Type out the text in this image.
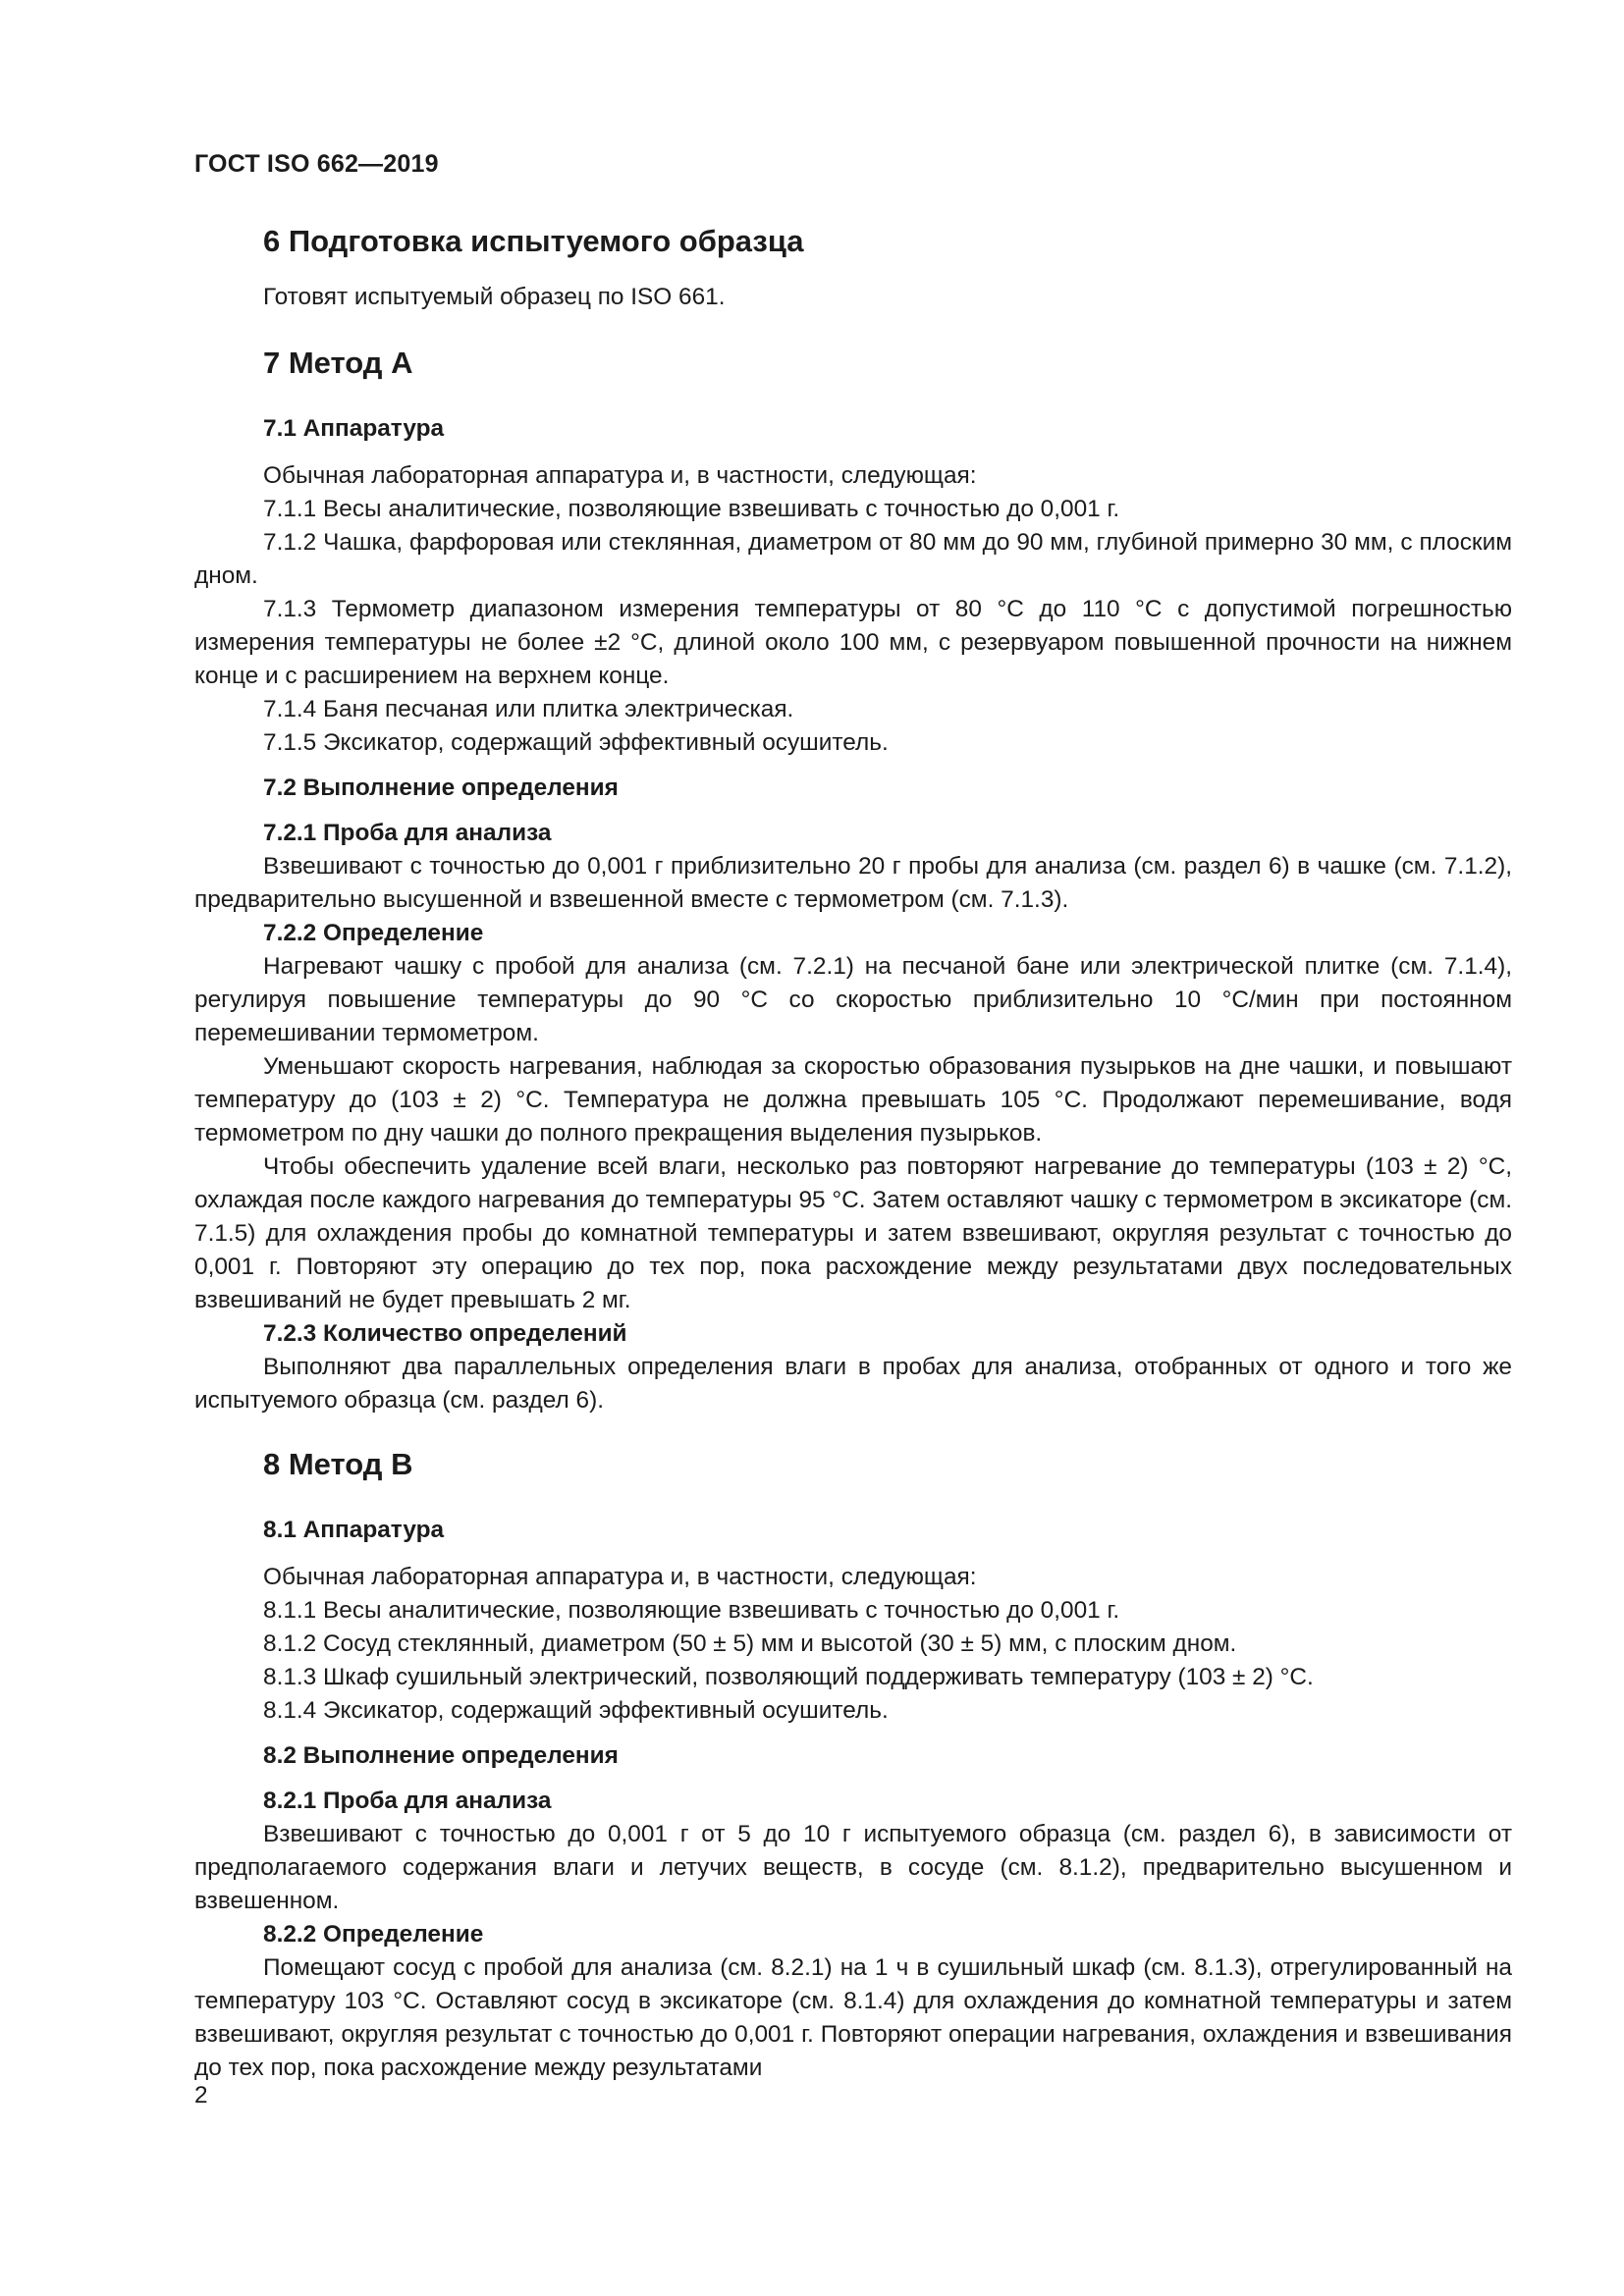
ГОСТ ISO 662—2019

6 Подготовка испытуемого образца

Готовят испытуемый образец по ISO 661.

7 Метод А

7.1 Аппаратура

Обычная лабораторная аппаратура и, в частности, следующая:

7.1.1 Весы аналитические, позволяющие взвешивать с точностью до 0,001 г.

7.1.2 Чашка, фарфоровая или стеклянная, диаметром от 80 мм до 90 мм, глубиной примерно 30 мм, с плоским дном.

7.1.3 Термометр диапазоном измерения температуры от 80 °С до 110 °С с допустимой погрешностью измерения температуры не более ±2 °С, длиной около 100 мм, с резервуаром повышенной прочности на нижнем конце и с расширением на верхнем конце.

7.1.4 Баня песчаная или плитка электрическая.

7.1.5 Эксикатор, содержащий эффективный осушитель.

7.2 Выполнение определения

7.2.1 Проба для анализа

Взвешивают с точностью до 0,001 г приблизительно 20 г пробы для анализа (см. раздел 6) в чашке (см. 7.1.2), предварительно высушенной и взвешенной вместе с термометром (см. 7.1.3).

7.2.2 Определение

Нагревают чашку с пробой для анализа (см. 7.2.1) на песчаной бане или электрической плитке (см. 7.1.4), регулируя повышение температуры до 90 °С со скоростью приблизительно 10 °С/мин при постоянном перемешивании термометром.

Уменьшают скорость нагревания, наблюдая за скоростью образования пузырьков на дне чашки, и повышают температуру до (103 ± 2) °С. Температура не должна превышать 105 °С. Продолжают перемешивание, водя термометром по дну чашки до полного прекращения выделения пузырьков.

Чтобы обеспечить удаление всей влаги, несколько раз повторяют нагревание до температуры (103 ± 2) °С, охлаждая после каждого нагревания до температуры 95 °С. Затем оставляют чашку с термометром в эксикаторе (см. 7.1.5) для охлаждения пробы до комнатной температуры и затем взвешивают, округляя результат с точностью до 0,001 г. Повторяют эту операцию до тех пор, пока расхождение между результатами двух последовательных взвешиваний не будет превышать 2 мг.

7.2.3 Количество определений

Выполняют два параллельных определения влаги в пробах для анализа, отобранных от одного и того же испытуемого образца (см. раздел 6).

8 Метод В

8.1 Аппаратура

Обычная лабораторная аппаратура и, в частности, следующая:

8.1.1 Весы аналитические, позволяющие взвешивать с точностью до 0,001 г.

8.1.2 Сосуд стеклянный, диаметром (50 ± 5) мм и высотой (30 ± 5) мм, с плоским дном.

8.1.3 Шкаф сушильный электрический, позволяющий поддерживать температуру (103 ± 2) °С.

8.1.4 Эксикатор, содержащий эффективный осушитель.

8.2 Выполнение определения

8.2.1 Проба для анализа

Взвешивают с точностью до 0,001 г от 5 до 10 г испытуемого образца (см. раздел 6), в зависимости от предполагаемого содержания влаги и летучих веществ, в сосуде (см. 8.1.2), предварительно высушенном и взвешенном.

8.2.2 Определение

Помещают сосуд с пробой для анализа (см. 8.2.1) на 1 ч в сушильный шкаф (см. 8.1.3), отрегулированный на температуру 103 °С. Оставляют сосуд в эксикаторе (см. 8.1.4) для охлаждения до комнатной температуры и затем взвешивают, округляя результат с точностью до 0,001 г. Повторяют операции нагревания, охлаждения и взвешивания до тех пор, пока расхождение между результатами

2
